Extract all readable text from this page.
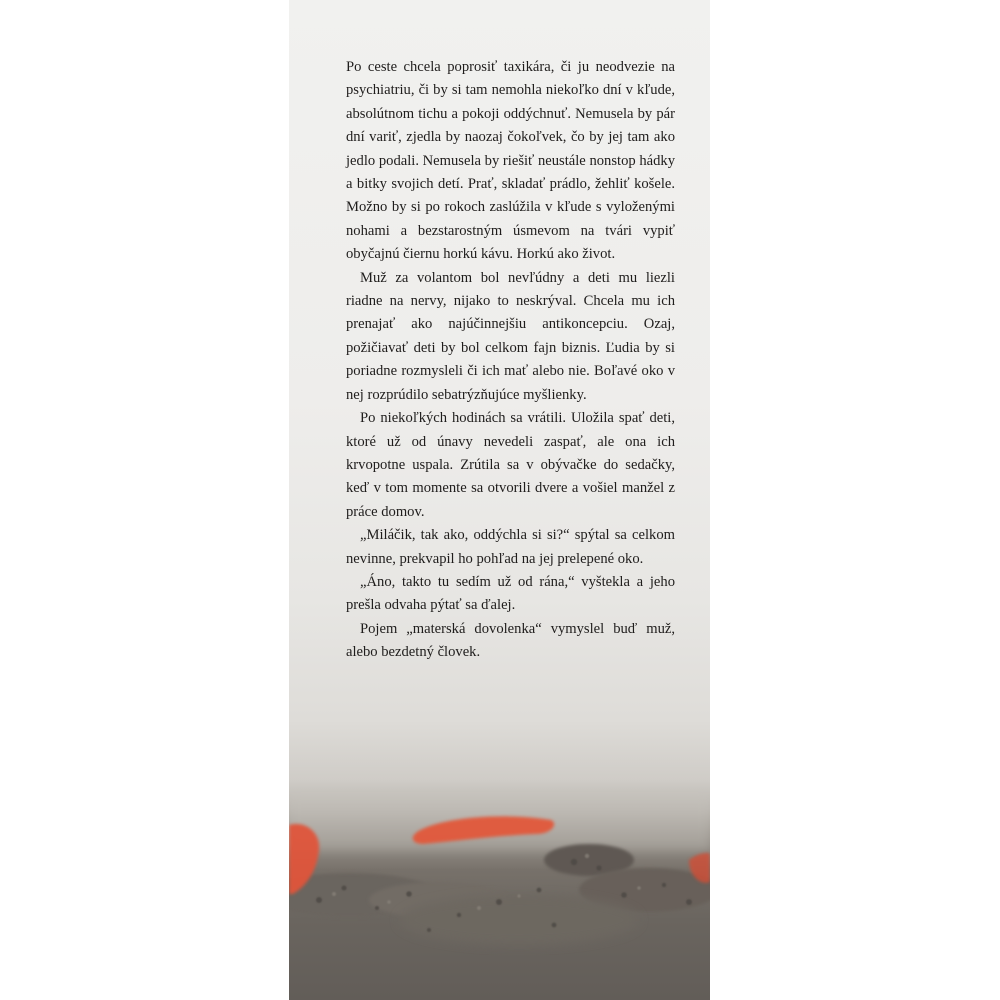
Po ceste chcela poprosiť taxikára, či ju neodvezie na psychiatriu, či by si tam nemohla niekoľko dní v kľude, absolútnom tichu a pokoji oddýchnuť. Nemusela by pár dní variť, zjedla by naozaj čokoľvek, čo by jej tam ako jedlo podali. Nemusela by riešiť neustále nonstop hádky a bitky svojich detí. Prať, skladať prádlo, žehliť košele. Možno by si po rokoch zaslúžila v kľude s vyloženými nohami a bezstarostným úsmevom na tvári vypiť obyčajnú čiernu horkú kávu. Horkú ako život.

Muž za volantom bol nevľúdny a deti mu liezli riadne na nervy, nijako to neskrýval. Chcela mu ich prenajať ako najúčinnejšiu antikoncepciu. Ozaj, požičiavať deti by bol celkom fajn biznis. Ľudia by si poriadne rozmysleli či ich mať alebo nie. Boľavé oko v nej rozprúdilo sebatrýzňujúce myšlienky.

Po niekoľkých hodinách sa vrátili. Uložila spať deti, ktoré už od únavy nevedeli zaspať, ale ona ich krvopotne uspala. Zrútila sa v obývačke do sedačky, keď v tom momente sa otvorili dvere a vošiel manžel z práce domov.

„Miláčik, tak ako, oddýchla si si?“ spýtal sa celkom nevinne, prekvapil ho pohľad na jej prelepené oko.

„Áno, takto tu sedím už od rána,“ vyštekla a jeho prešla odvaha pýtať sa ďalej.

Pojem „materská dovolenka“ vymyslel buď muž, alebo bezdetný človek.
